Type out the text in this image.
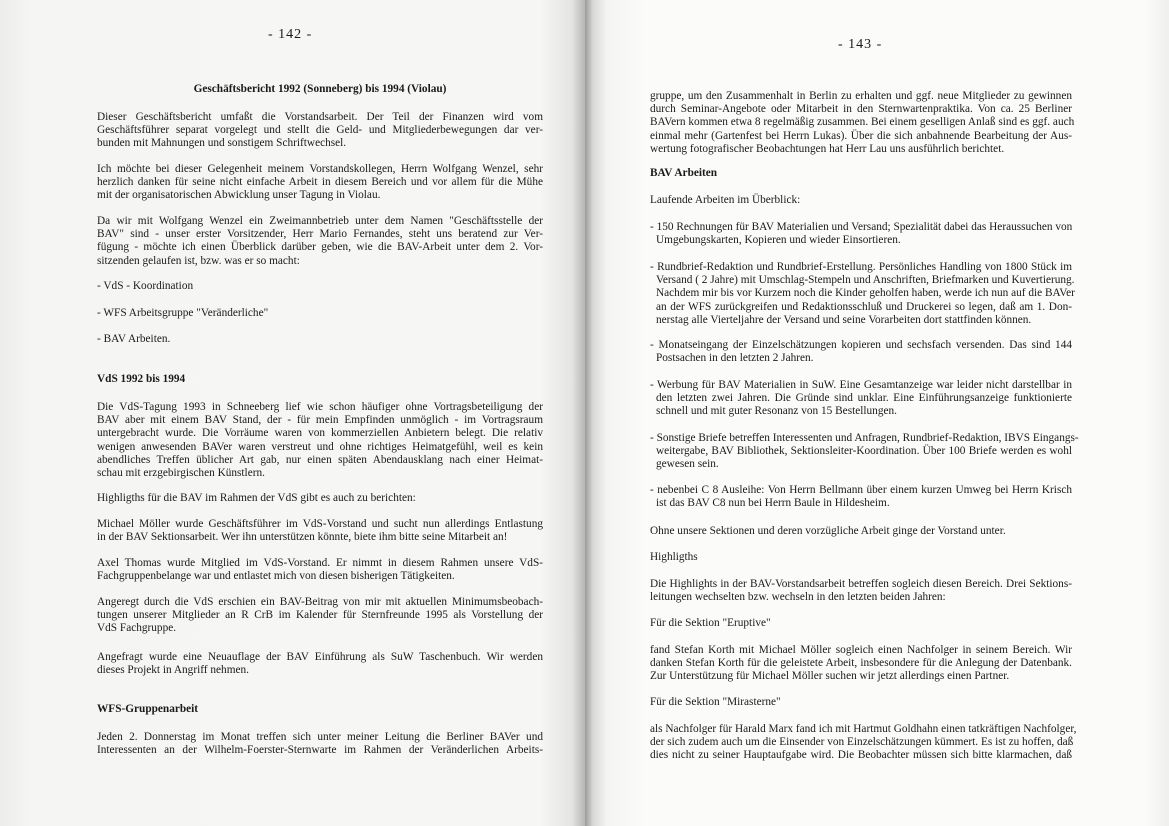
- 142 -
Geschäftsbericht 1992 (Sonneberg) bis 1994 (Violau)
Dieser Geschäftsbericht umfaßt die Vorstandsarbeit. Der Teil der Finanzen wird vom
Geschäftsführer separat vorgelegt und stellt die Geld- und Mitgliederbewegungen dar ver-
bunden mit Mahnungen und sonstigem Schriftwechsel.
Ich möchte bei dieser Gelegenheit meinem Vorstandskollegen, Herrn Wolfgang Wenzel, sehr
herzlich danken für seine nicht einfache Arbeit in diesem Bereich und vor allem für die Mühe
mit der organisatorischen Abwicklung unser Tagung in Violau.
Da wir mit Wolfgang Wenzel ein Zweimannbetrieb unter dem Namen "Geschäftsstelle der
BAV" sind - unser erster Vorsitzender, Herr Mario Fernandes, steht uns beratend zur Ver-
fügung - möchte ich einen Überblick darüber geben, wie die BAV-Arbeit unter dem 2. Vor-
sitzenden gelaufen ist, bzw. was er so macht:
- VdS - Koordination
- WFS Arbeitsgruppe "Veränderliche"
- BAV Arbeiten.
VdS 1992 bis 1994
Die VdS-Tagung 1993 in Schneeberg lief wie schon häufiger ohne Vortragsbeteiligung der
BAV aber mit einem BAV Stand, der - für mein Empfinden unmöglich - im Vortragsraum
untergebracht wurde. Die Vorräume waren von kommerziellen Anbietern belegt. Die relativ
wenigen anwesenden BAVer waren verstreut und ohne richtiges Heimatgefühl, weil es kein
abendliches Treffen üblicher Art gab, nur einen späten Abendausklang nach einer Heimat-
schau mit erzgebirgischen Künstlern.
Highligths für die BAV im Rahmen der VdS gibt es auch zu berichten:
Michael Möller wurde Geschäftsführer im VdS-Vorstand und sucht nun allerdings Entlastung
in der BAV Sektionsarbeit. Wer ihn unterstützen könnte, biete ihm bitte seine Mitarbeit an!
Axel Thomas wurde Mitglied im VdS-Vorstand. Er nimmt in diesem Rahmen unsere VdS-
Fachgruppenbelange war und entlastet mich von diesen bisherigen Tätigkeiten.
Angeregt durch die VdS erschien ein BAV-Beitrag von mir mit aktuellen Minimumsbeobach-
tungen unserer Mitglieder an R CrB im Kalender für Sternfreunde 1995 als Vorstellung der
VdS Fachgruppe.
Angefragt wurde eine Neuauflage der BAV Einführung als SuW Taschenbuch. Wir werden
dieses Projekt in Angriff nehmen.
WFS-Gruppenarbeit
Jeden 2. Donnerstag im Monat treffen sich unter meiner Leitung die Berliner BAVer und
Interessenten an der Wilhelm-Foerster-Sternwarte im Rahmen der Veränderlichen Arbeits-
- 143 -
gruppe, um den Zusammenhalt in Berlin zu erhalten und ggf. neue Mitglieder zu gewinnen
durch Seminar-Angebote oder Mitarbeit in den Sternwartenpraktika. Von ca. 25 Berliner
BAVern kommen etwa 8 regelmäßig zusammen. Bei einem geselligen Anlaß sind es ggf. auch
einmal mehr (Gartenfest bei Herrn Lukas). Über die sich anbahnende Bearbeitung der Aus-
wertung fotografischer Beobachtungen hat Herr Lau uns ausführlich berichtet.
BAV Arbeiten
Laufende Arbeiten im Überblick:
- 150 Rechnungen für BAV Materialien und Versand; Spezialität dabei das Heraussuchen von
Umgebungskarten, Kopieren und wieder Einsortieren.
- Rundbrief-Redaktion und Rundbrief-Erstellung. Persönliches Handling von 1800 Stück im
Versand ( 2 Jahre) mit Umschlag-Stempeln und Anschriften, Briefmarken und Kuvertierung.
Nachdem mir bis vor Kurzem noch die Kinder geholfen haben, werde ich nun auf die BAVer
an der WFS zurückgreifen und Redaktionsschluß und Druckerei so legen, daß am 1. Don-
nerstag alle Vierteljahre der Versand und seine Vorarbeiten dort stattfinden können.
- Monatseingang der Einzelschätzungen kopieren und sechsfach versenden. Das sind 144
Postsachen in den letzten 2 Jahren.
- Werbung für BAV Materialien in SuW. Eine Gesamtanzeige war leider nicht darstellbar in
den letzten zwei Jahren. Die Gründe sind unklar. Eine Einführungsanzeige funktionierte
schnell und mit guter Resonanz von 15 Bestellungen.
- Sonstige Briefe betreffen Interessenten und Anfragen, Rundbrief-Redaktion, IBVS Eingangs-
weitergabe, BAV Bibliothek, Sektionsleiter-Koordination. Über 100 Briefe werden es wohl
gewesen sein.
- nebenbei C 8 Ausleihe: Von Herrn Bellmann über einem kurzen Umweg bei Herrn Krisch
ist das BAV C8 nun bei Herrn Baule in Hildesheim.
Ohne unsere Sektionen und deren vorzügliche Arbeit ginge der Vorstand unter.
Highligths
Die Highlights in der BAV-Vorstandsarbeit betreffen sogleich diesen Bereich. Drei Sektions-
leitungen wechselten bzw. wechseln in den letzten beiden Jahren:
Für die Sektion "Eruptive"
fand Stefan Korth mit Michael Möller sogleich einen Nachfolger in seinem Bereich. Wir
danken Stefan Korth für die geleistete Arbeit, insbesondere für die Anlegung der Datenbank.
Zur Unterstützung für Michael Möller suchen wir jetzt allerdings einen Partner.
Für die Sektion "Mirasterne"
als Nachfolger für Harald Marx fand ich mit Hartmut Goldhahn einen tatkräftigen Nachfolger,
der sich zudem auch um die Einsender von Einzelschätzungen kümmert. Es ist zu hoffen, daß
dies nicht zu seiner Hauptaufgabe wird. Die Beobachter müssen sich bitte klarmachen, daß
